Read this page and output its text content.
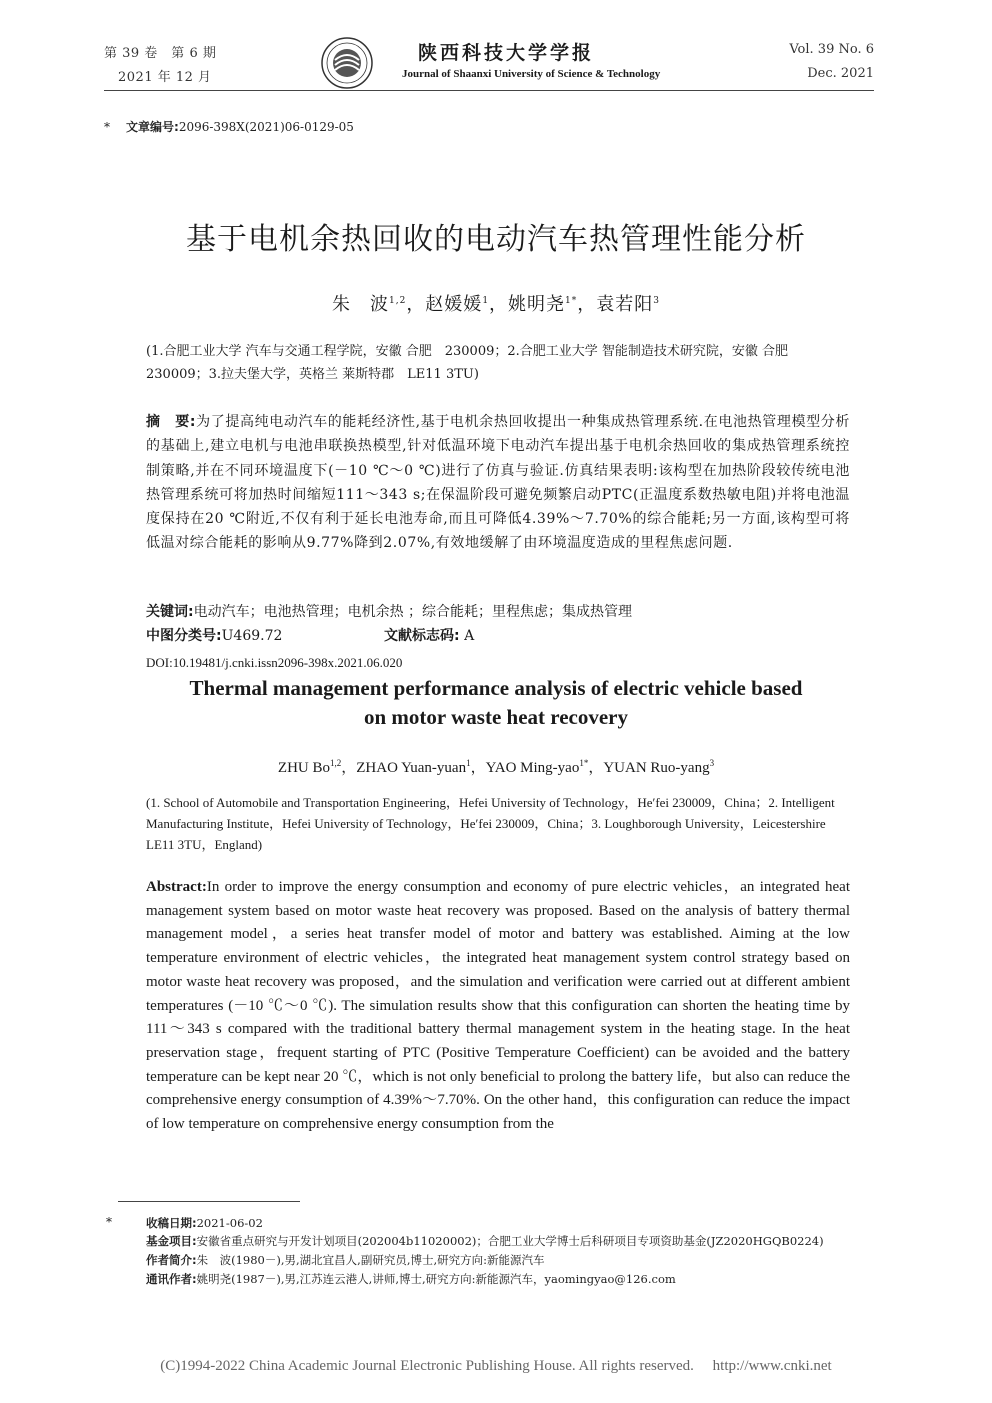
第 39 卷　第 6 期
2021 年 12 月
陕西科技大学学报
Journal of Shaanxi University of Science & Technology
Vol. 39 No. 6
Dec. 2021
* 文章编号:2096-398X(2021)06-0129-05
基于电机余热回收的电动汽车热管理性能分析
朱　波$^{1,2}$，赵媛媛$^1$，姚明尧$^{1*}$，袁若阳$^3$
(1.合肥工业大学 汽车与交通工程学院，安徽 合肥　230009；2.合肥工业大学 智能制造技术研究院，安徽 合肥　230009；3.拉夫堡大学，英格兰 莱斯特郡　LE11 3TU)
摘　要:为了提高纯电动汽车的能耗经济性,基于电机余热回收提出一种集成热管理系统.在电池热管理模型分析的基础上,建立电机与电池串联换热模型,针对低温环境下电动汽车提出基于电机余热回收的集成热管理系统控制策略,并在不同环境温度下(－10 ℃～0 ℃)进行了仿真与验证.仿真结果表明:该构型在加热阶段较传统电池热管理系统可将加热时间缩短111～343 s;在保温阶段可避免频繁启动PTC(正温度系数热敏电阻)并将电池温度保持在20 ℃附近,不仅有利于延长电池寿命,而且可降低4.39%～7.70%的综合能耗;另一方面,该构型可将低温对综合能耗的影响从9.77%降到2.07%,有效地缓解了由环境温度造成的里程焦虑问题.
关键词:电动汽车；电池热管理；电机余热 ；综合能耗；里程焦虑；集成热管理
中图分类号:U469.72	文献标志码: A
DOI:10.19481/j.cnki.issn2096-398x.2021.06.020
Thermal management performance analysis of electric vehicle based on motor waste heat recovery
ZHU Bo$^{1,2}$，ZHAO Yuan-yuan$^1$，YAO Ming-yao$^{1*}$，YUAN Ruo-yang$^3$
(1. School of Automobile and Transportation Engineering，Hefei University of Technology，He′fei 230009，China；2. Intelligent Manufacturing Institute，Hefei University of Technology，He′fei 230009，China；3. Loughborough University，Leicestershire LE11 3TU，England)
Abstract:In order to improve the energy consumption and economy of pure electric vehicles，an integrated heat management system based on motor waste heat recovery was proposed. Based on the analysis of battery thermal management model，a series heat transfer model of motor and battery was established. Aiming at the low temperature environment of electric vehicles，the integrated heat management system control strategy based on motor waste heat recovery was proposed，and the simulation and verification were carried out at different ambient temperatures (－10 ℃～0 ℃). The simulation results show that this configuration can shorten the heating time by 111～343 s compared with the traditional battery thermal management system in the heating stage. In the heat preservation stage，frequent starting of PTC (Positive Temperature Coefficient) can be avoided and the battery temperature can be kept near 20 ℃，which is not only beneficial to prolong the battery life，but also can reduce the comprehensive energy consumption of 4.39%～7.70%. On the other hand，this configuration can reduce the impact of low temperature on comprehensive energy consumption from the
*	收稿日期:2021-06-02
基金项目:安徽省重点研究与开发计划项目(202004b11020002)；合肥工业大学博士后科研项目专项资助基金(JZ2020HGQB0224)
作者简介:朱　波(1980－),男,湖北宜昌人,副研究员,博士,研究方向:新能源汽车
通讯作者:姚明尧(1987－),男,江苏连云港人,讲师,博士,研究方向:新能源汽车，yaomingyao@126.com
(C)1994-2022 China Academic Journal Electronic Publishing House. All rights reserved.　 http://www.cnki.net
